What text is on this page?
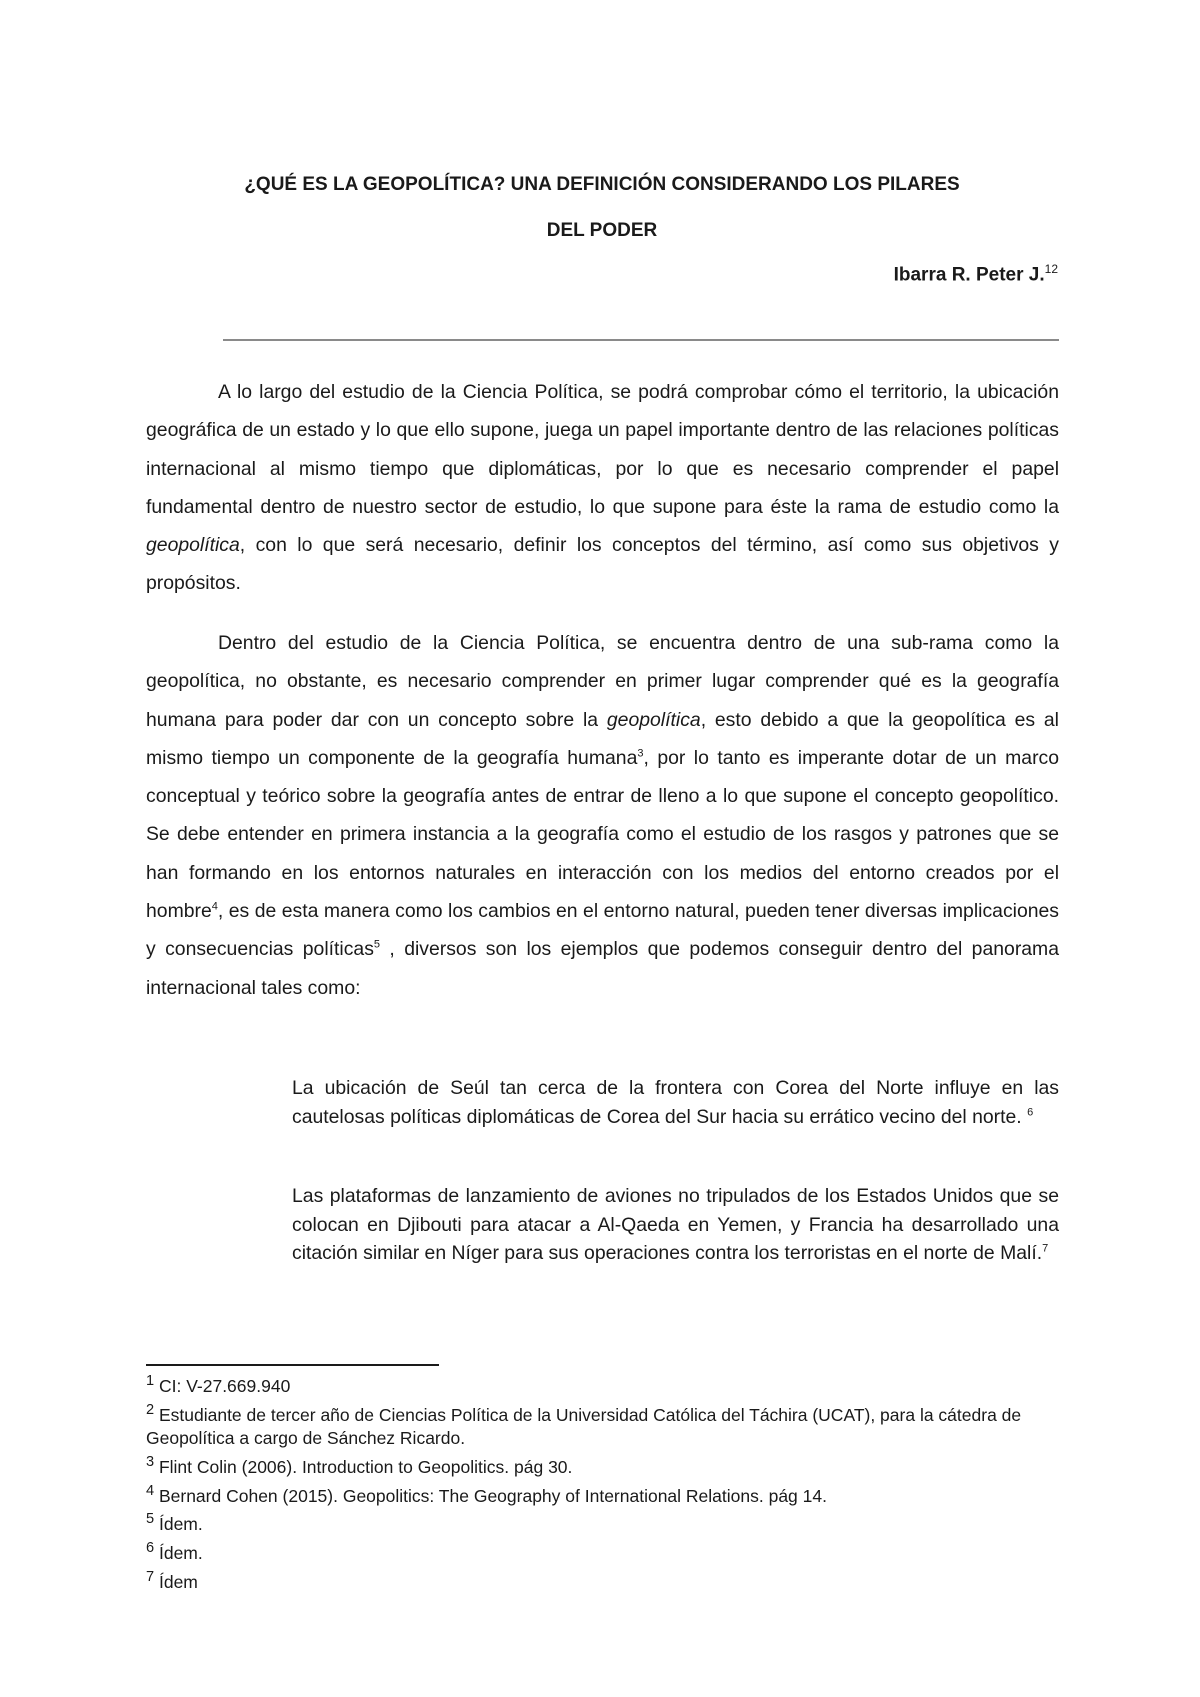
¿QUÉ ES LA GEOPOLÍTICA? UNA DEFINICIÓN CONSIDERANDO LOS PILARES
DEL PODER
Ibarra R. Peter J.$^{12}$

A lo largo del estudio de la Ciencia Política, se podrá comprobar cómo el territorio, la ubicación geográfica de un estado y lo que ello supone, juega un papel importante dentro de las relaciones políticas internacional al mismo tiempo que diplomáticas, por lo que es necesario comprender el papel fundamental dentro de nuestro sector de estudio, lo que supone para éste la rama de estudio como la geopolítica, con lo que será necesario, definir los conceptos del término, así como sus objetivos y propósitos.

Dentro del estudio de la Ciencia Política, se encuentra dentro de una sub-rama como la geopolítica, no obstante, es necesario comprender en primer lugar comprender qué es la geografía humana para poder dar con un concepto sobre la geopolítica, esto debido a que la geopolítica es al mismo tiempo un componente de la geografía humana$^3$, por lo tanto es imperante dotar de un marco conceptual y teórico sobre la geografía antes de entrar de lleno a lo que supone el concepto geopolítico. Se debe entender en primera instancia a la geografía como el estudio de los rasgos y patrones que se han formando en los entornos naturales en interacción con los medios del entorno creados por el hombre$^4$, es de esta manera como los cambios en el entorno natural, pueden tener diversas implicaciones y consecuencias políticas$^5$ , diversos son los ejemplos que podemos conseguir dentro del panorama internacional tales como:

La ubicación de Seúl tan cerca de la frontera con Corea del Norte influye en las cautelosas políticas diplomáticas de Corea del Sur hacia su errático vecino del norte. $^6$

Las plataformas de lanzamiento de aviones no tripulados de los Estados Unidos que se colocan en Djibouti para atacar a Al-Qaeda en Yemen, y Francia ha desarrollado una citación similar en Níger para sus operaciones contra los terroristas en el norte de Malí.$^7$

$^1$ CI: V-27.669.940
$^2$ Estudiante de tercer año de Ciencias Política de la Universidad Católica del Táchira (UCAT), para la cátedra de Geopolítica a cargo de Sánchez Ricardo.
$^3$ Flint Colin (2006). Introduction to Geopolitics. pág 30.
$^4$ Bernard Cohen (2015). Geopolitics: The Geography of International Relations. pág 14.
$^5$ Ídem.
$^6$ Ídem.
$^7$ Ídem
